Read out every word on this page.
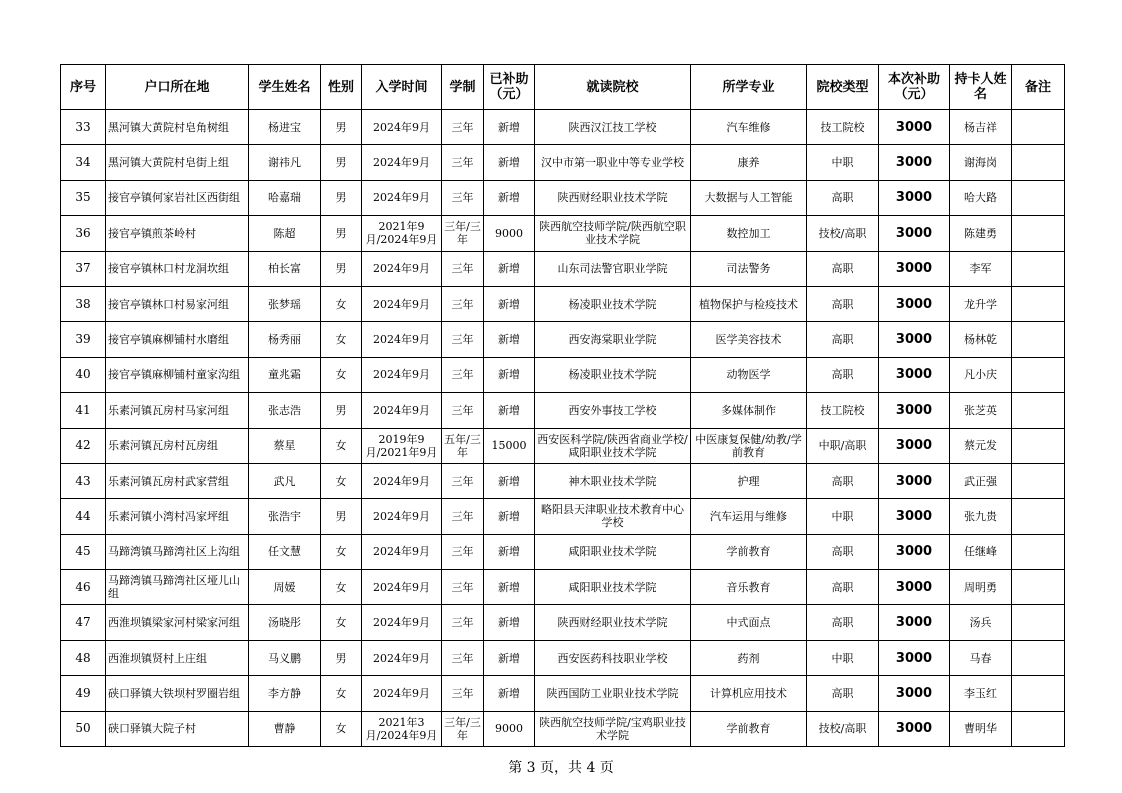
序号	户口所在地	学生姓名	性别	入学时间	学制	已补助（元）	就读院校	所学专业	院校类型	本次补助（元）	持卡人姓名	备注
33	黑河镇大黄院村皂角树组	杨进宝	男	2024年9月	三年	新增	陕西汉江技工学校	汽车维修	技工院校	3000	杨吉祥	
34	黑河镇大黄院村皂街上组	谢祎凡	男	2024年9月	三年	新增	汉中市第一职业中等专业学校	康养	中职	3000	谢海岗	
35	接官亭镇何家岩社区西街组	哈嘉瑞	男	2024年9月	三年	新增	陕西财经职业技术学院	大数据与人工智能	高职	3000	哈大路	
36	接官亭镇煎茶岭村	陈超	男	2021年9月/2024年9月	三年/三年	9000	陕西航空技师学院/陕西航空职业技术学院	数控加工	技校/高职	3000	陈建勇	
37	接官亭镇林口村龙洞坎组	柏长富	男	2024年9月	三年	新增	山东司法警官职业学院	司法警务	高职	3000	李军	
38	接官亭镇林口村易家河组	张梦瑶	女	2024年9月	三年	新增	杨凌职业技术学院	植物保护与检疫技术	高职	3000	龙升学	
39	接官亭镇麻柳铺村水磨组	杨秀丽	女	2024年9月	三年	新增	西安海棠职业学院	医学美容技术	高职	3000	杨林乾	
40	接官亭镇麻柳铺村童家沟组	童兆霜	女	2024年9月	三年	新增	杨凌职业技术学院	动物医学	高职	3000	凡小庆	
41	乐素河镇瓦房村马家河组	张志浩	男	2024年9月	三年	新增	西安外事技工学校	多媒体制作	技工院校	3000	张芝英	
42	乐素河镇瓦房村瓦房组	蔡星	女	2019年9月/2021年9月	五年/三年	15000	西安医科学院/陕西省商业学校/咸阳职业技术学院	中医康复保健/幼教/学前教育	中职/高职	3000	蔡元发	
43	乐素河镇瓦房村武家营组	武凡	女	2024年9月	三年	新增	神木职业技术学院	护理	高职	3000	武正强	
44	乐素河镇小湾村冯家坪组	张浩宇	男	2024年9月	三年	新增	略阳县天津职业技术教育中心学校	汽车运用与维修	中职	3000	张九贵	
45	马蹄湾镇马蹄湾社区上沟组	任文慧	女	2024年9月	三年	新增	咸阳职业技术学院	学前教育	高职	3000	任继峰	
46	马蹄湾镇马蹄湾社区垭儿山组	周媛	女	2024年9月	三年	新增	咸阳职业技术学院	音乐教育	高职	3000	周明勇	
47	西淮坝镇梁家河村梁家河组	汤晓彤	女	2024年9月	三年	新增	陕西财经职业技术学院	中式面点	高职	3000	汤兵	
48	西淮坝镇贤村上庄组	马义鹏	男	2024年9月	三年	新增	西安医药科技职业学校	药剂	中职	3000	马春	
49	硖口驿镇大铁坝村罗圈岩组	李方静	女	2024年9月	三年	新增	陕西国防工业职业技术学院	计算机应用技术	高职	3000	李玉红	
50	硖口驿镇大院子村	曹静	女	2021年3月/2024年9月	三年/三年	9000	陕西航空技师学院/宝鸡职业技术学院	学前教育	技校/高职	3000	曹明华	
第 3 页，共 4 页
